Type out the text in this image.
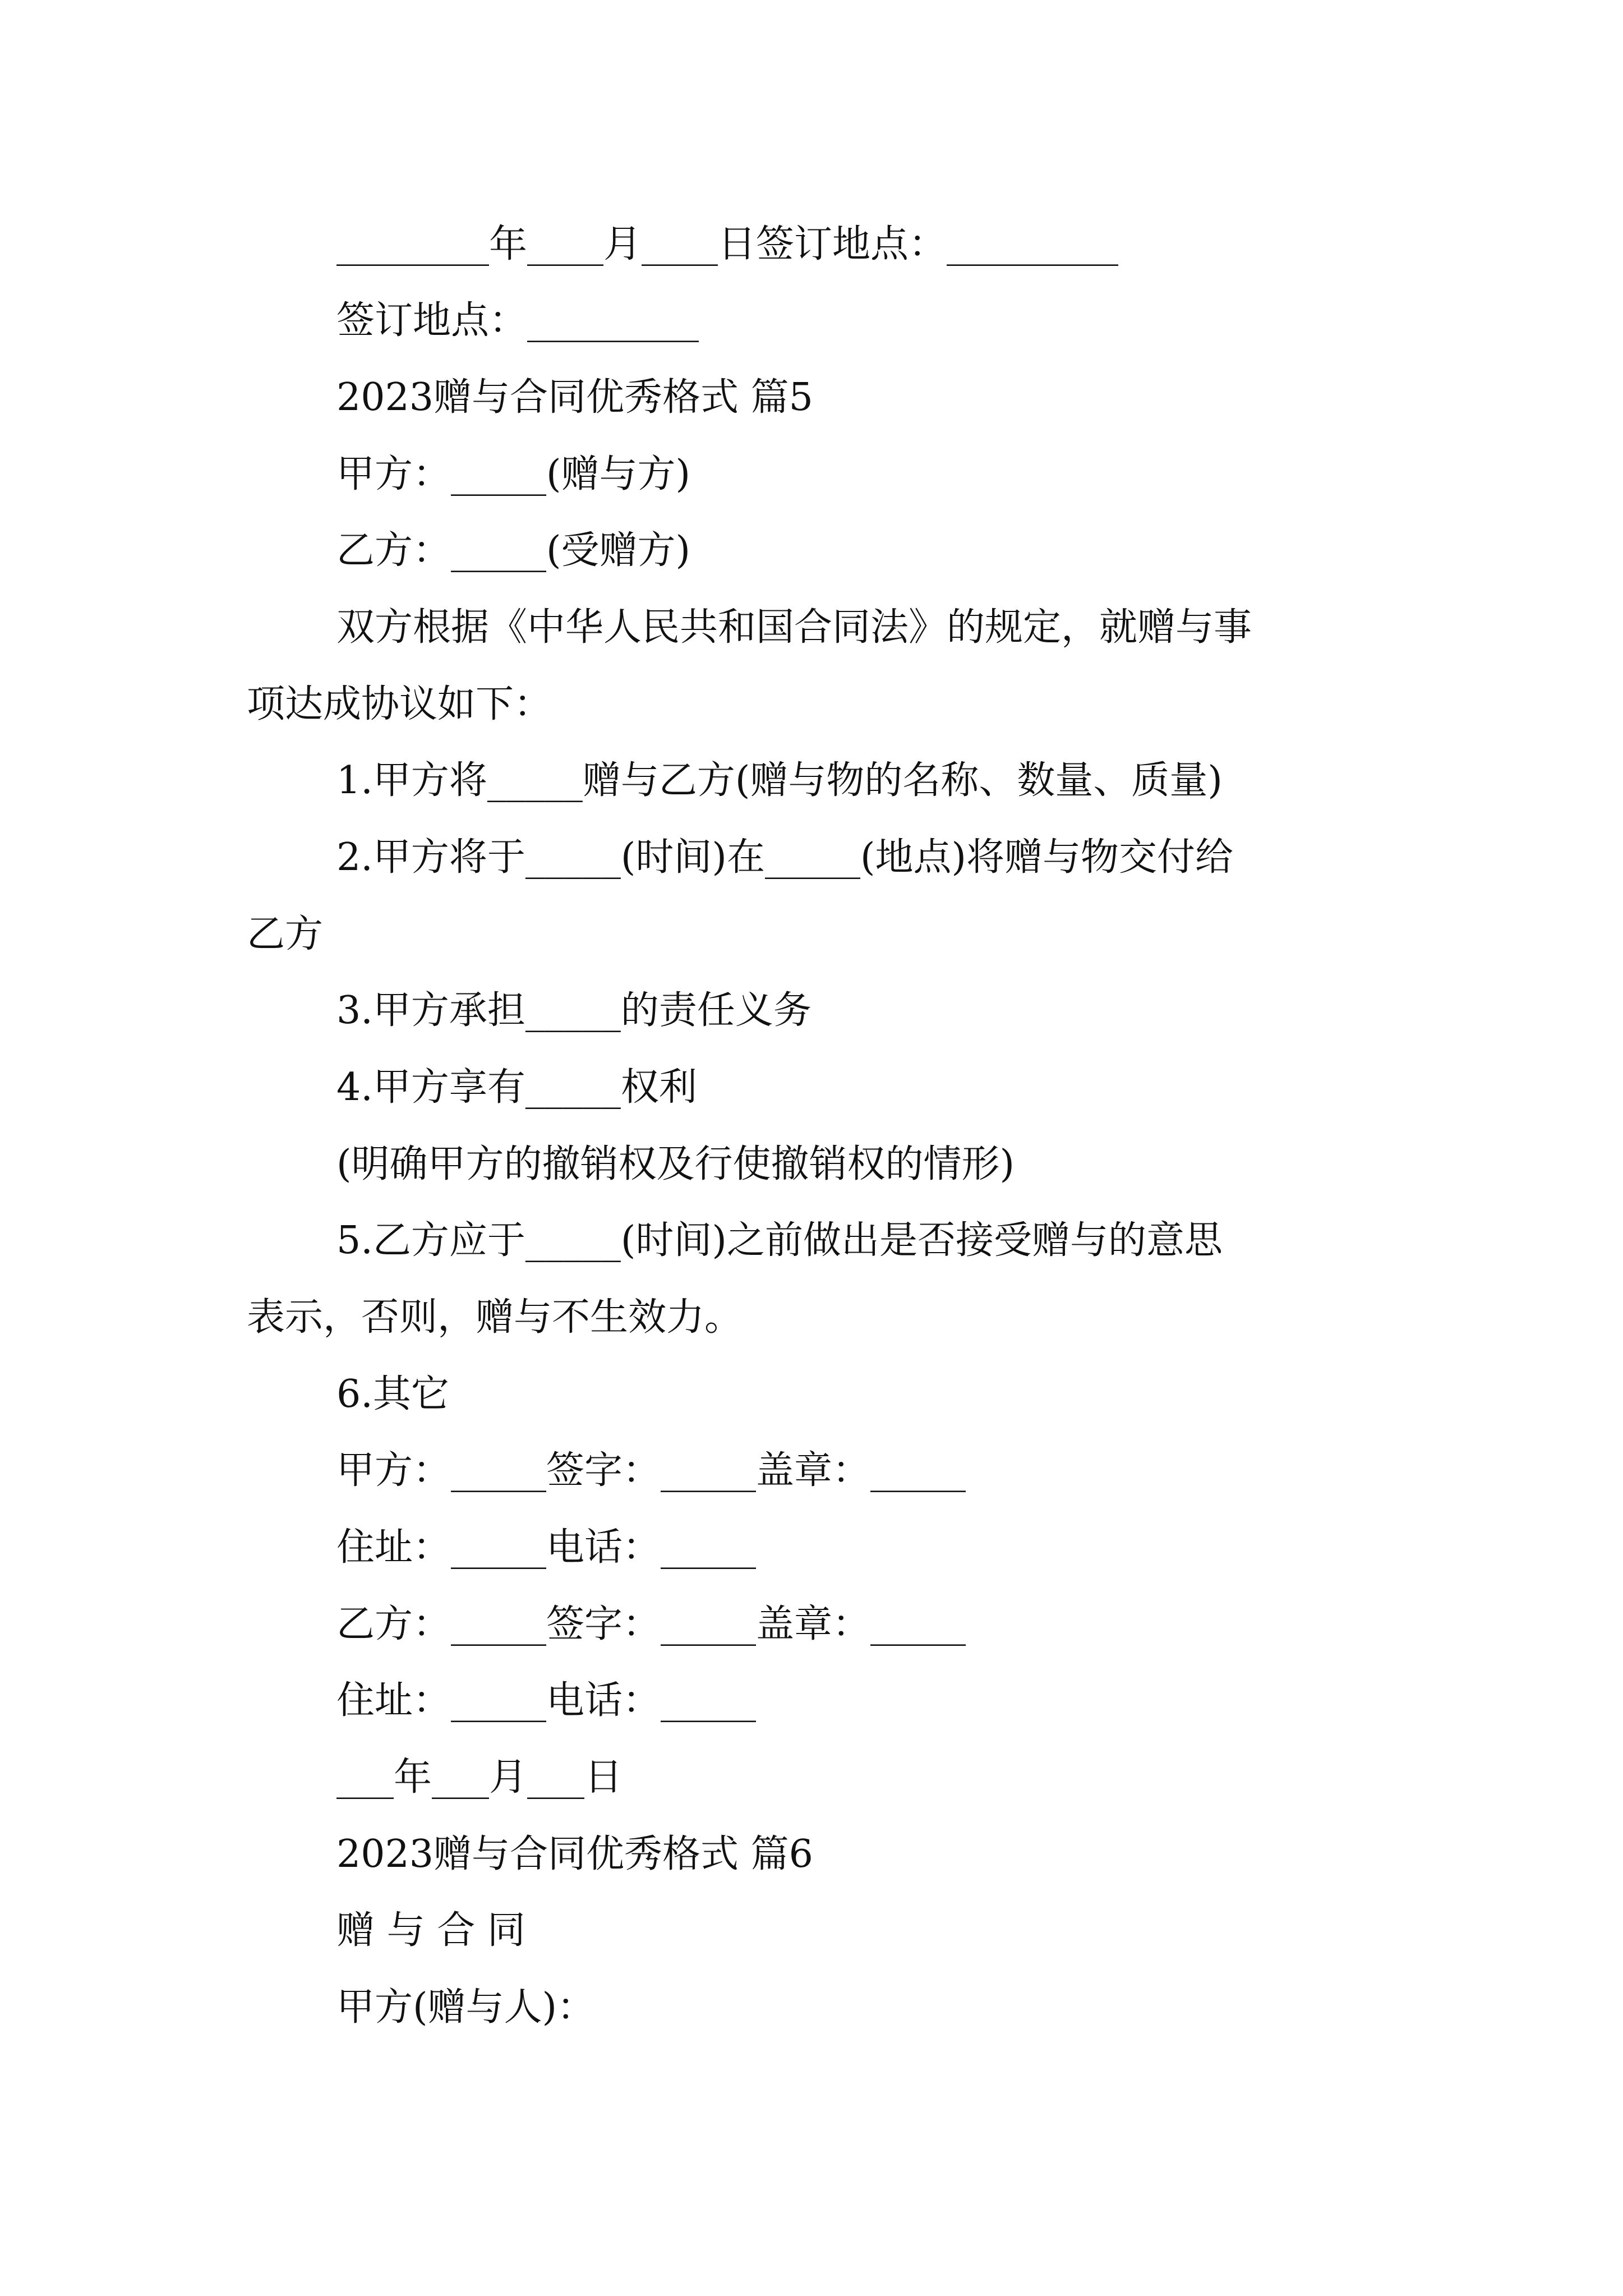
________年____月____日签订地点：_________
签订地点：_________
2023赠与合同优秀格式 篇5
甲方：_____(赠与方)
乙方：_____(受赠方)
双方根据《中华人民共和国合同法》的规定，就赠与事
项达成协议如下：
1.甲方将_____赠与乙方(赠与物的名称、数量、质量)
2.甲方将于_____(时间)在_____(地点)将赠与物交付给
乙方
3.甲方承担_____的责任义务
4.甲方享有_____权利
(明确甲方的撤销权及行使撤销权的情形)
5.乙方应于_____(时间)之前做出是否接受赠与的意思
表示，否则，赠与不生效力。
6.其它
甲方：_____签字：_____盖章：_____
住址：_____电话：_____
乙方：_____签字：_____盖章：_____
住址：_____电话：_____
___年___月___日
2023赠与合同优秀格式 篇6
赠 与 合 同
甲方(赠与人)：
